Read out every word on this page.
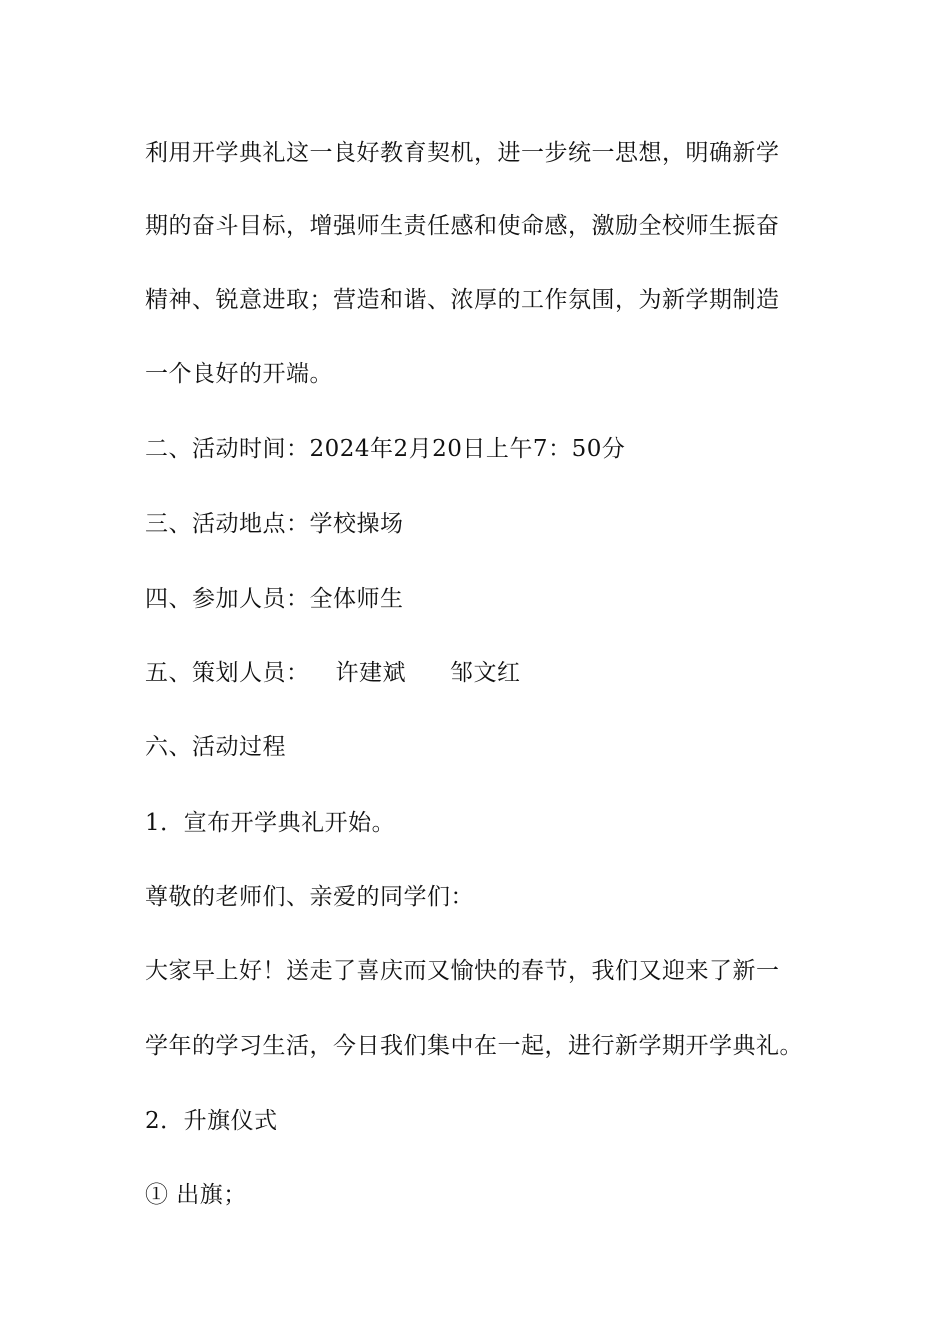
利用开学典礼这一良好教育契机，进一步统一思想，明确新学
期的奋斗目标，增强师生责任感和使命感，激励全校师生振奋
精神、锐意进取；营造和谐、浓厚的工作氛围，为新学期制造
一个良好的开端。
二、活动时间：2024年2月20日上午7：50分
三、活动地点：学校操场
四、参加人员：全体师生
五、策划人员： 许建斌 邹文红
六、活动过程
1．宣布开学典礼开始。
尊敬的老师们、亲爱的同学们：
大家早上好！送走了喜庆而又愉快的春节，我们又迎来了新一
学年的学习生活，今日我们集中在一起，进行新学期开学典礼。
2．升旗仪式
① 出旗；
